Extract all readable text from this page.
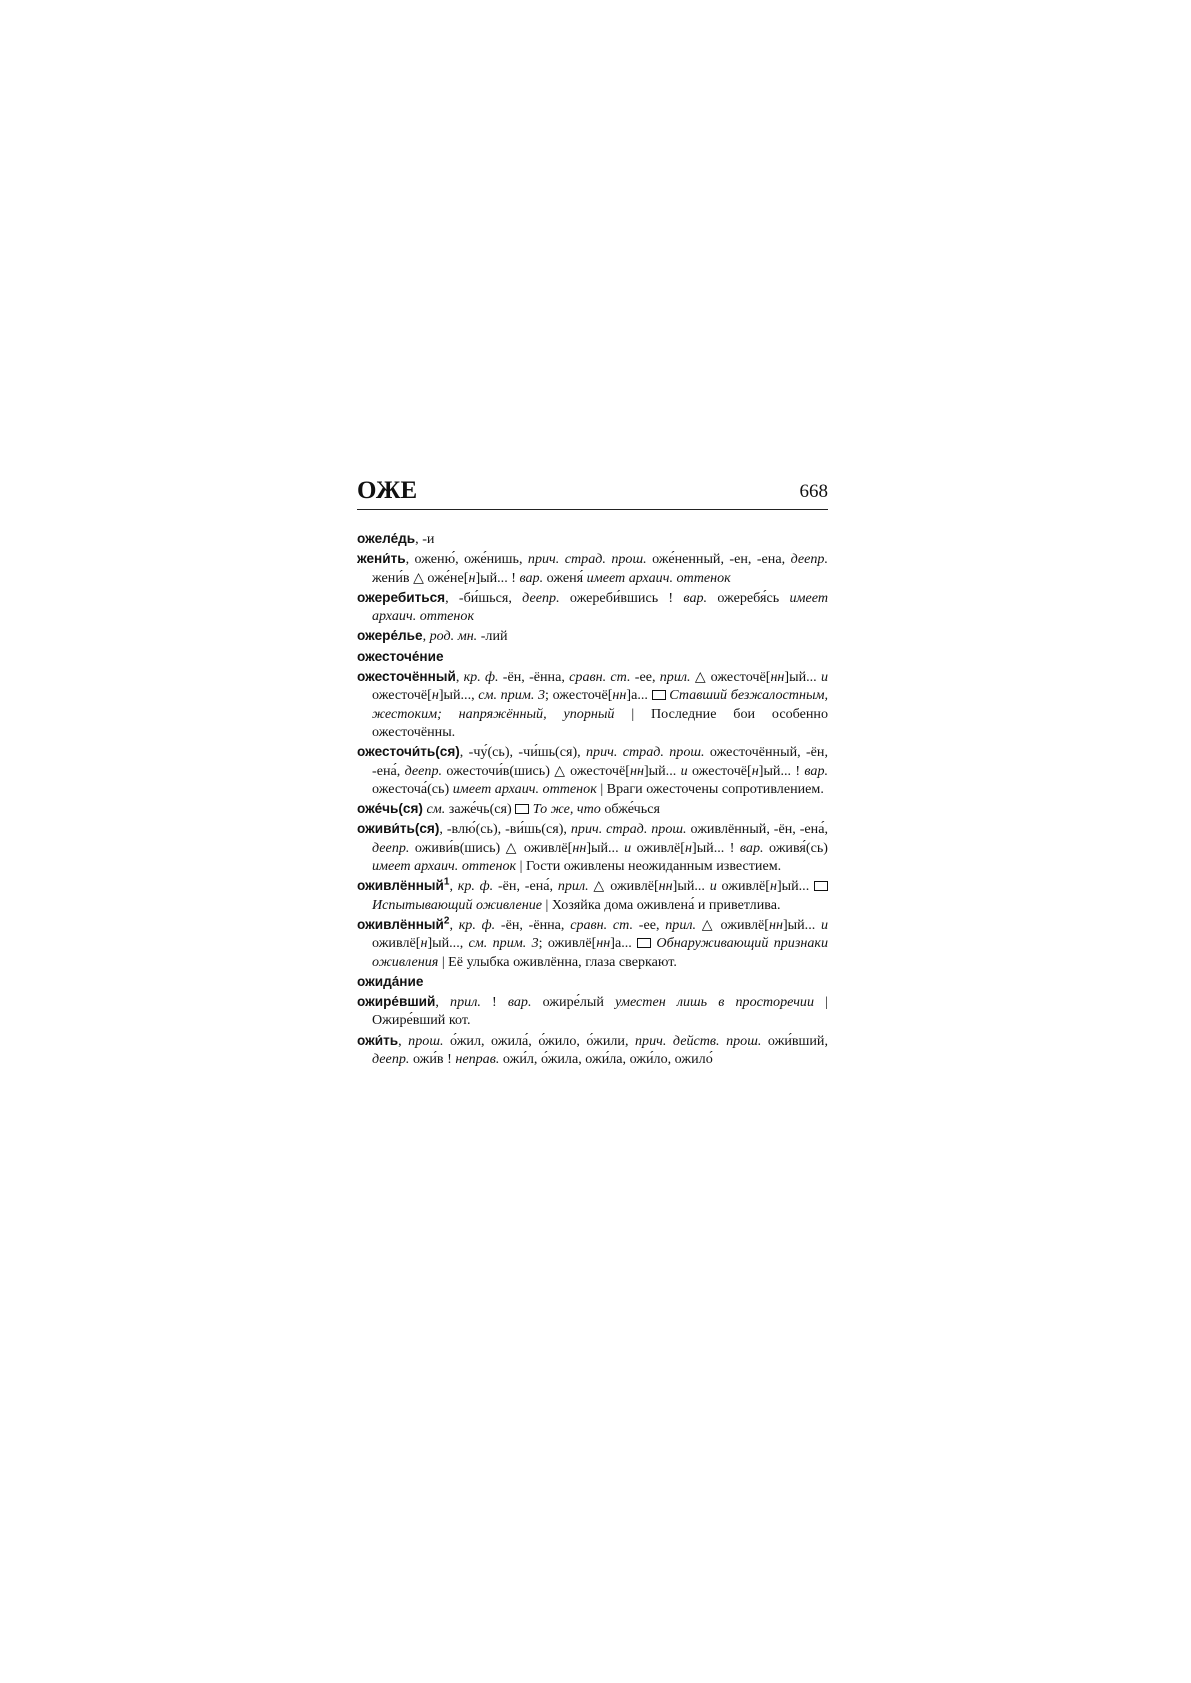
ОЖЕ	668

ожеле́дь, -и

жени́ть, оженю́, оже́нишь, прич. страд. прош. оже́ненный, -ен, -ена, деепр. жени́в △ оже́не[н]ый... ! вар. оженя́ имеет архаич. оттенок

ожеребиться, -би́шься, деепр. ожереби́вшись ! вар. ожеребя́сь имеет архаич. оттенок

ожере́лье, род. мн. -лий

ожесточе́ние

ожесточённый, кр. ф. -ён, -ённа, сравн. ст. -ее, прил. △ ожесточё[нн]ый... и ожесточё[н]ый..., см. прим. 3; ожесточё[нн]а...  Ставший безжалостным, жестоким; напряжённый, упорный | Последние бои особенно ожесточённы.

ожесточи́ть(ся), -чу́(сь), -чи́шь(ся), прич. страд. прош. ожесточённый, -ён, -ена́, деепр. ожесточи́в(шись) △ ожесточё[нн]ый... и ожесточё[н]ый... ! вар. ожесточа́(сь) имеет архаич. оттенок | Враги ожесточены сопротивлением.

оже́чь(ся) см. заже́чь(ся)  То же, что обже́чься

оживи́ть(ся), -влю́(сь), -ви́шь(ся), прич. страд. прош. оживлённый, -ён, -ена́, деепр. оживи́в(шись) △ оживлё[нн]ый... и оживлё[н]ый... ! вар. оживя́(сь) имеет архаич. оттенок | Гости оживлены неожиданным известием.

оживлённый$^1$, кр. ф. -ён, -ена́, прил. △ оживлё[нн]ый... и оживлё[н]ый...  Испытывающий оживление | Хозяйка дома оживлена́ и приветлива.

оживлённый$^2$, кр. ф. -ён, -ённа, сравн. ст. -ее, прил. △ оживлё[нн]ый... и оживлё[н]ый..., см. прим. 3; оживлё[нн]а...  Обнаруживающий признаки оживления | Её улыбка оживлённа, глаза сверкают.

ожида́ние

ожире́вший, прил. ! вар. ожире́лый уместен лишь в просторечии | Ожире́вший кот.

ожи́ть, прош. о́жил, ожила́, о́жило, о́жили, прич. действ. прош. ожи́вший, деепр. ожи́в ! неправ. ожи́л, о́жила, ожи́ла, ожи́ло, ожило́
